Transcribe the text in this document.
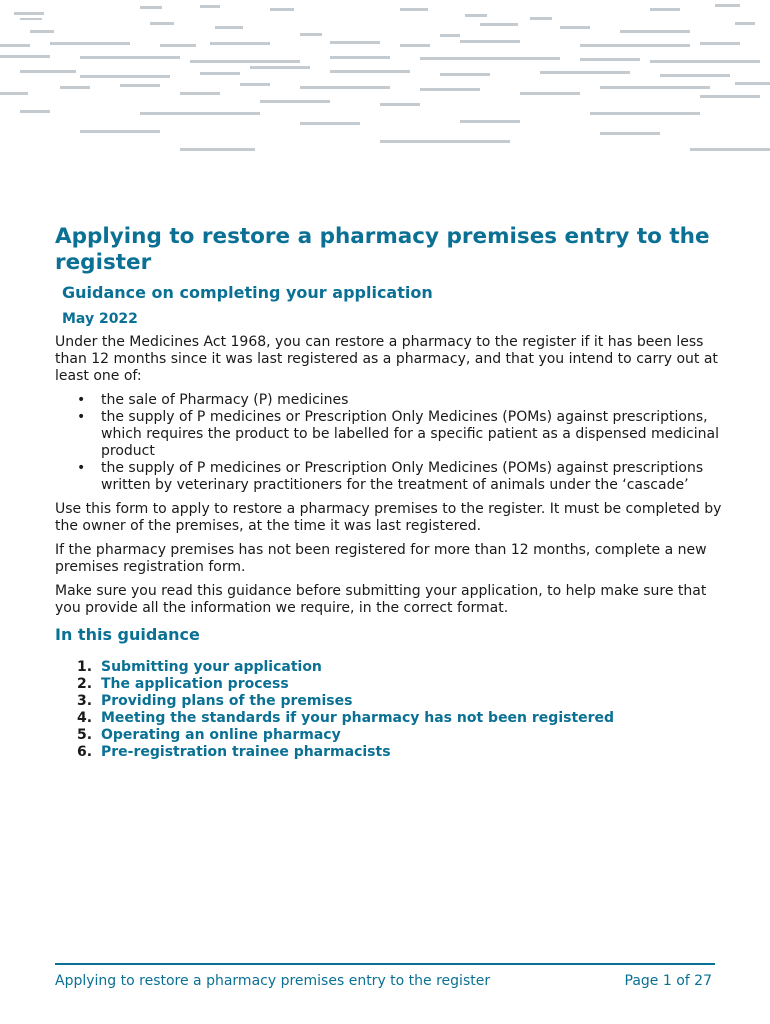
Applying to restore a pharmacy premises entry to the register
Guidance on completing your application
May 2022

Under the Medicines Act 1968, you can restore a pharmacy to the register if it has been less than 12 months since it was last registered as a pharmacy, and that you intend to carry out at least one of:

• the sale of Pharmacy (P) medicines
• the supply of P medicines or Prescription Only Medicines (POMs) against prescriptions, which requires the product to be labelled for a specific patient as a dispensed medicinal product
• the supply of P medicines or Prescription Only Medicines (POMs) against prescriptions written by veterinary practitioners for the treatment of animals under the ‘cascade’

Use this form to apply to restore a pharmacy premises to the register. It must be completed by the owner of the premises, at the time it was last registered.

If the pharmacy premises has not been registered for more than 12 months, complete a new premises registration form.

Make sure you read this guidance before submitting your application, to help make sure that you provide all the information we require, in the correct format.

In this guidance
1. Submitting your application
2. The application process
3. Providing plans of the premises
4. Meeting the standards if your pharmacy has not been registered
5. Operating an online pharmacy
6. Pre-registration trainee pharmacists
Applying to restore a pharmacy premises entry to the register	Page 1 of 27
